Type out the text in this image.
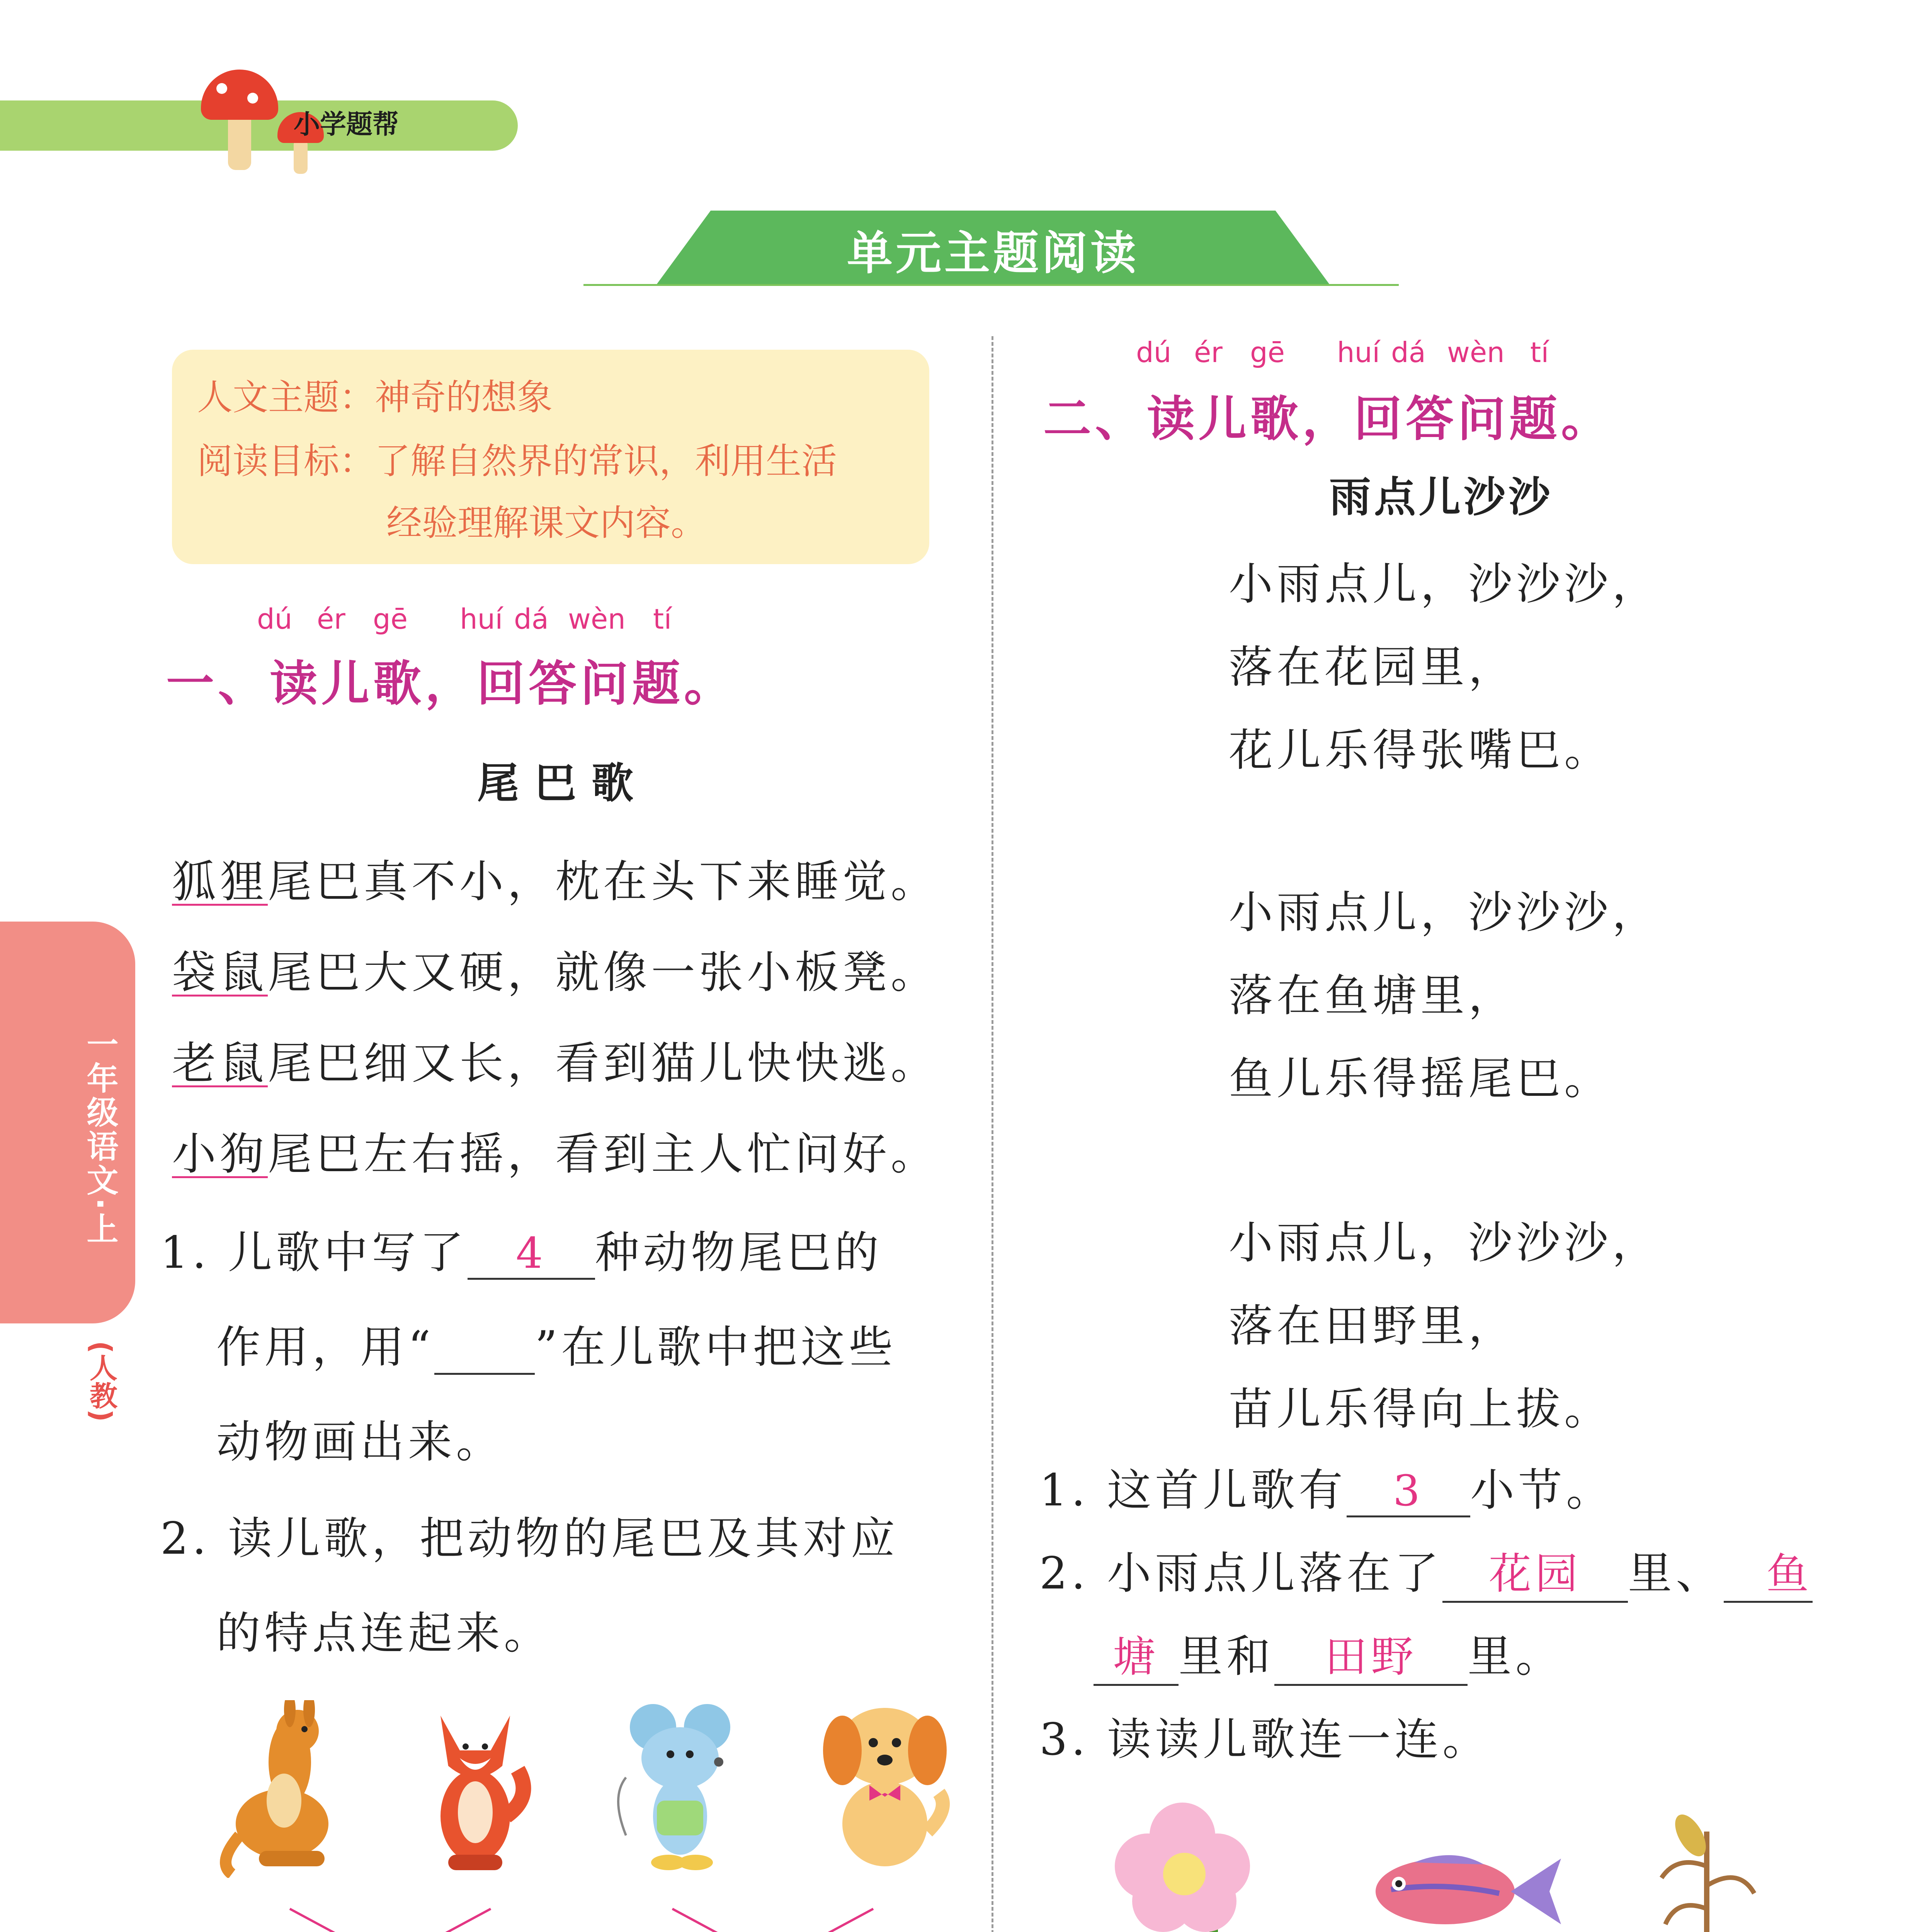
小学题帮
单元主题阅读
一年级语文·上
(人教)
人文主题：神奇的想象
阅读目标：了解自然界的常识，利用生活
经验理解课文内容。
dú ér gē huí dá wèn tí
一、读儿歌，回答问题。
尾巴歌
狐狸尾巴真不小，枕在头下来睡觉。
袋鼠尾巴大又硬，就像一张小板凳。
老鼠尾巴细又长，看到猫儿快快逃。
小狗尾巴左右摇，看到主人忙问好。
1. 儿歌中写了 4 种动物尾巴的
作用，用“ ”在儿歌中把这些
动物画出来。
2. 读儿歌，把动物的尾巴及其对应
的特点连起来。
dú ér gē huí dá wèn tí
二、读儿歌，回答问题。
雨点儿沙沙
小雨点儿，沙沙沙，
落在花园里，
花儿乐得张嘴巴。
小雨点儿，沙沙沙，
落在鱼塘里，
鱼儿乐得摇尾巴。
小雨点儿，沙沙沙，
落在田野里，
苗儿乐得向上拔。
1. 这首儿歌有 3 小节。
2. 小雨点儿落在了 花园 里、 鱼
塘 里和 田野 里。
3. 读读儿歌连一连。
